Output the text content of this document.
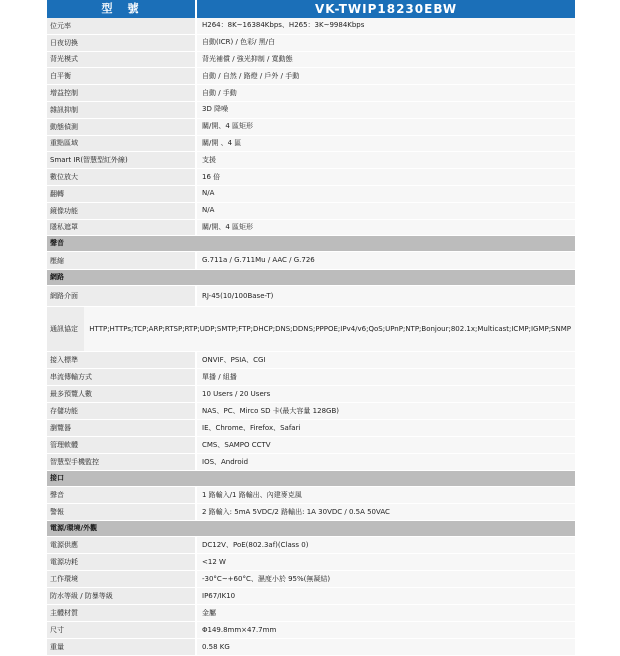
型　號	VK-TWIP18230EBW
位元率	H264：8K~16384Kbps、H265：3K~9984Kbps
日夜切換	自動(ICR) / 色彩/ 黑/白
背光模式	背光補償 / 強光抑制 / 寬動態
白平衡	自動 / 自然 / 路燈 / 戶外 / 手動
增益控制	自動 / 手動
雜訊抑制	3D 降噪
動態偵測	關/開、4 區矩形
重點區域	關/開 、4 區
Smart IR(智慧型紅外線)	支援
數位放大	16 倍
翻轉	N/A
鏡像功能	N/A
隱私遮罩	關/開、4 區矩形
聲音
壓縮	G.711a / G.711Mu / AAC / G.726
網路
網路介面	RJ-45(10/100Base-T)
通訊協定	HTTP;HTTPs;TCP;ARP;RTSP;RTP;UDP;SMTP;FTP;DHCP;DNS;DDNS;PPPOE;IPv4/v6;QoS;UPnP;NTP;Bonjour;802.1x;Multicast;ICMP;IGMP;SNMP
接入標準	ONVIF、PSIA、CGI
串流傳輸方式	單播 / 組播
最多預覽人數	10 Users / 20 Users
存儲功能	NAS、PC、Mirco SD 卡(最大容量 128GB)
瀏覽器	IE、Chrome、Firefox、Safari
管理軟體	CMS、SAMPO CCTV
智慧型手機監控	IOS、Android
接口
聲音	1 路輸入/1 路輸出、內建麥克風
警報	2 路輸入: 5mA 5VDC/2 路輸出: 1A 30VDC / 0.5A 50VAC
電源/環境/外觀
電源供應	DC12V、PoE(802.3af)(Class 0)
電源功耗	<12 W
工作環境	-30°C~+60°C、濕度小於 95%(無凝結)
防水等級 / 防暴等級	IP67/IK10
主體材質	金屬
尺寸	Φ149.8mm×47.7mm
重量	0.58 KG
